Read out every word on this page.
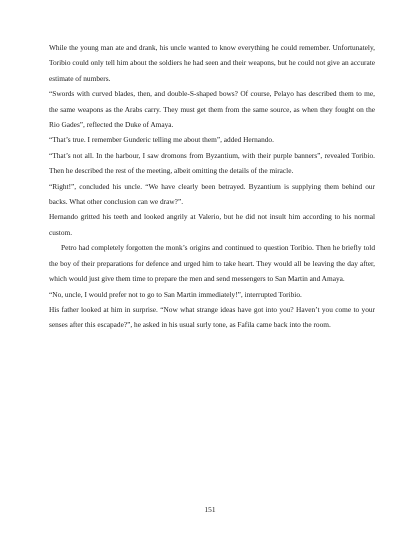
While the young man ate and drank, his uncle wanted to know everything he could remember. Unfortunately, Toribio could only tell him about the soldiers he had seen and their weapons, but he could not give an accurate estimate of numbers.

“Swords with curved blades, then, and double-S-shaped bows? Of course, Pelayo has described them to me, the same weapons as the Arabs carry. They must get them from the same source, as when they fought on the Rio Gades”, reflected the Duke of Amaya.

“That’s true. I remember Gunderic telling me about them”, added Hernando.

“That’s not all. In the harbour, I saw dromons from Byzantium, with their purple banners”, revealed Toribio. Then he described the rest of the meeting, albeit omitting the details of the miracle.

“Right!”, concluded his uncle. “We have clearly been betrayed. Byzantium is supplying them behind our backs. What other conclusion can we draw?”.

Hernando gritted his teeth and looked angrily at Valerio, but he did not insult him according to his normal custom.

Petro had completely forgotten the monk’s origins and continued to question Toribio. Then he briefly told the boy of their preparations for defence and urged him to take heart. They would all be leaving the day after, which would just give them time to prepare the men and send messengers to San Martin and Amaya.

“No, uncle, I would prefer not to go to San Martin immediately!”, interrupted Toribio.

His father looked at him in surprise. “Now what strange ideas have got into you? Haven’t you come to your senses after this escapade?”, he asked in his usual surly tone, as Fafila came back into the room.

151
